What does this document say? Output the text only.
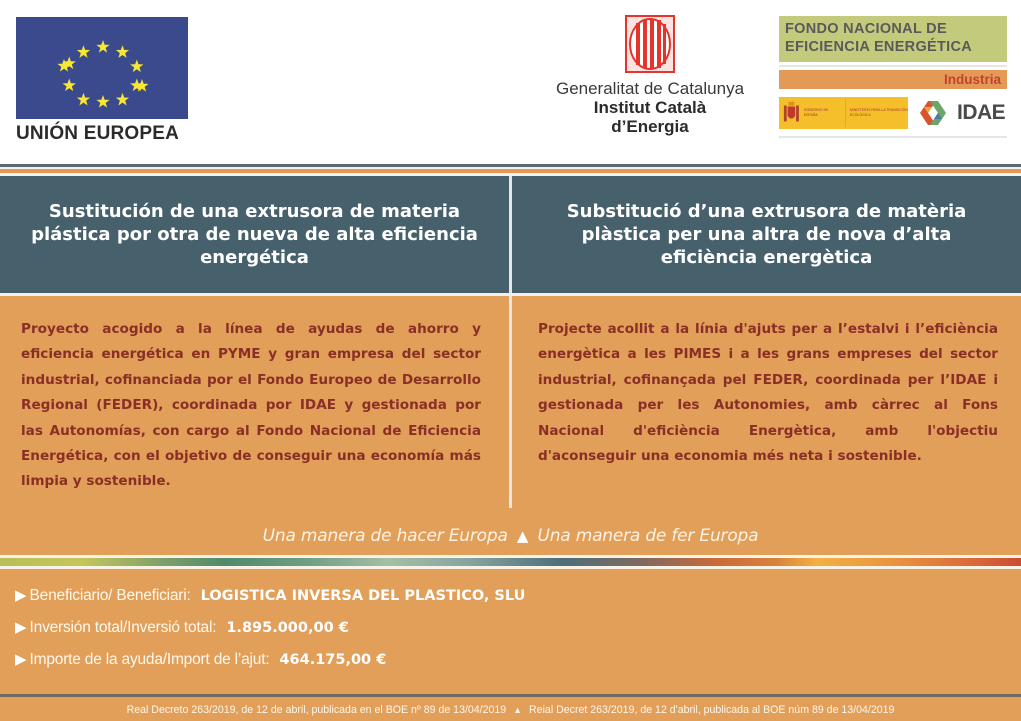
UNIÓN EUROPEA
Generalitat de Catalunya
Institut Català
d’Energia
FONDO NACIONAL DE
EFICIENCIA ENERGÉTICA
Industria
GOBIERNO DE ESPAÑA
MINISTERIO PARA LA TRANSICIÓN ECOLÓGICA	IDAE
Sustitución de una extrusora de materia plástica por otra de nueva de alta eficiencia energética
Substitució d’una extrusora de matèria plàstica per una altra de nova d’alta eficiència energètica
Proyecto acogido a la línea de ayudas de ahorro y eficiencia energética en PYME y gran empresa del sector industrial, cofinanciada por el Fondo Europeo de Desarrollo Regional (FEDER), coordinada por IDAE y gestionada por las Autonomías, con cargo al Fondo Nacional de Eficiencia Energética, con el objetivo de conseguir una economía más limpia y sostenible.
Projecte acollit a la línia d'ajuts per a l’estalvi i l’eficiència energètica a les PIMES i a les grans empreses del sector industrial, cofinançada pel FEDER, coordinada per l’IDAE i gestionada per les Autonomies, amb càrrec al Fons Nacional d'eficiència Energètica, amb l'objectiu d'aconseguir una economia més neta i sostenible.
Una manera de hacer Europa ▲ Una manera de fer Europa
▶ Beneficiario/ Beneficiari: LOGISTICA INVERSA DEL PLASTICO, SLU
▶ Inversión total/Inversió total: 1.895.000,00 €
▶ Importe de la ayuda/Import de l’ajut: 464.175,00 €
Real Decreto 263/2019, de 12 de abril, publicada en el BOE nº 89 de 13/04/2019 ▲ Reial Decret 263/2019, de 12 d'abril, publicada al BOE núm 89 de 13/04/2019
